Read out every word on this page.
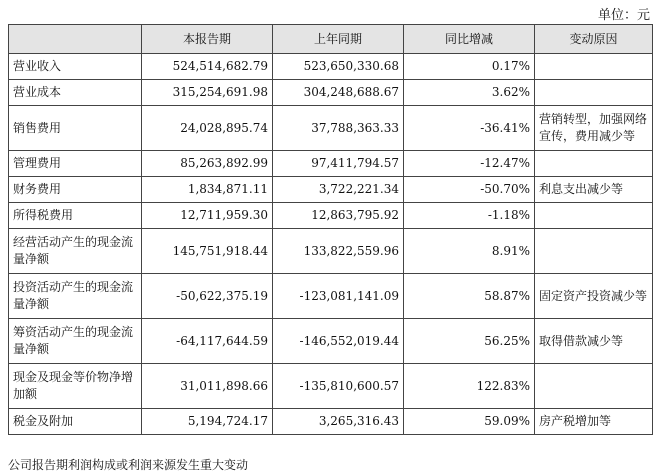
单位：元
	本报告期	上年同期	同比增减	变动原因
营业收入	524,514,682.79	523,650,330.68	0.17%	
营业成本	315,254,691.98	304,248,688.67	3.62%	
销售费用	24,028,895.74	37,788,363.33	-36.41%	营销转型，加强网络宣传，费用减少等
管理费用	85,263,892.99	97,411,794.57	-12.47%	
财务费用	1,834,871.11	3,722,221.34	-50.70%	利息支出减少等
所得税费用	12,711,959.30	12,863,795.92	-1.18%	
经营活动产生的现金流量净额	145,751,918.44	133,822,559.96	8.91%	
投资活动产生的现金流量净额	-50,622,375.19	-123,081,141.09	58.87%	固定资产投资减少等
筹资活动产生的现金流量净额	-64,117,644.59	-146,552,019.44	56.25%	取得借款减少等
现金及现金等价物净增加额	31,011,898.66	-135,810,600.57	122.83%	
税金及附加	5,194,724.17	3,265,316.43	59.09%	房产税增加等
公司报告期利润构成或利润来源发生重大变动
